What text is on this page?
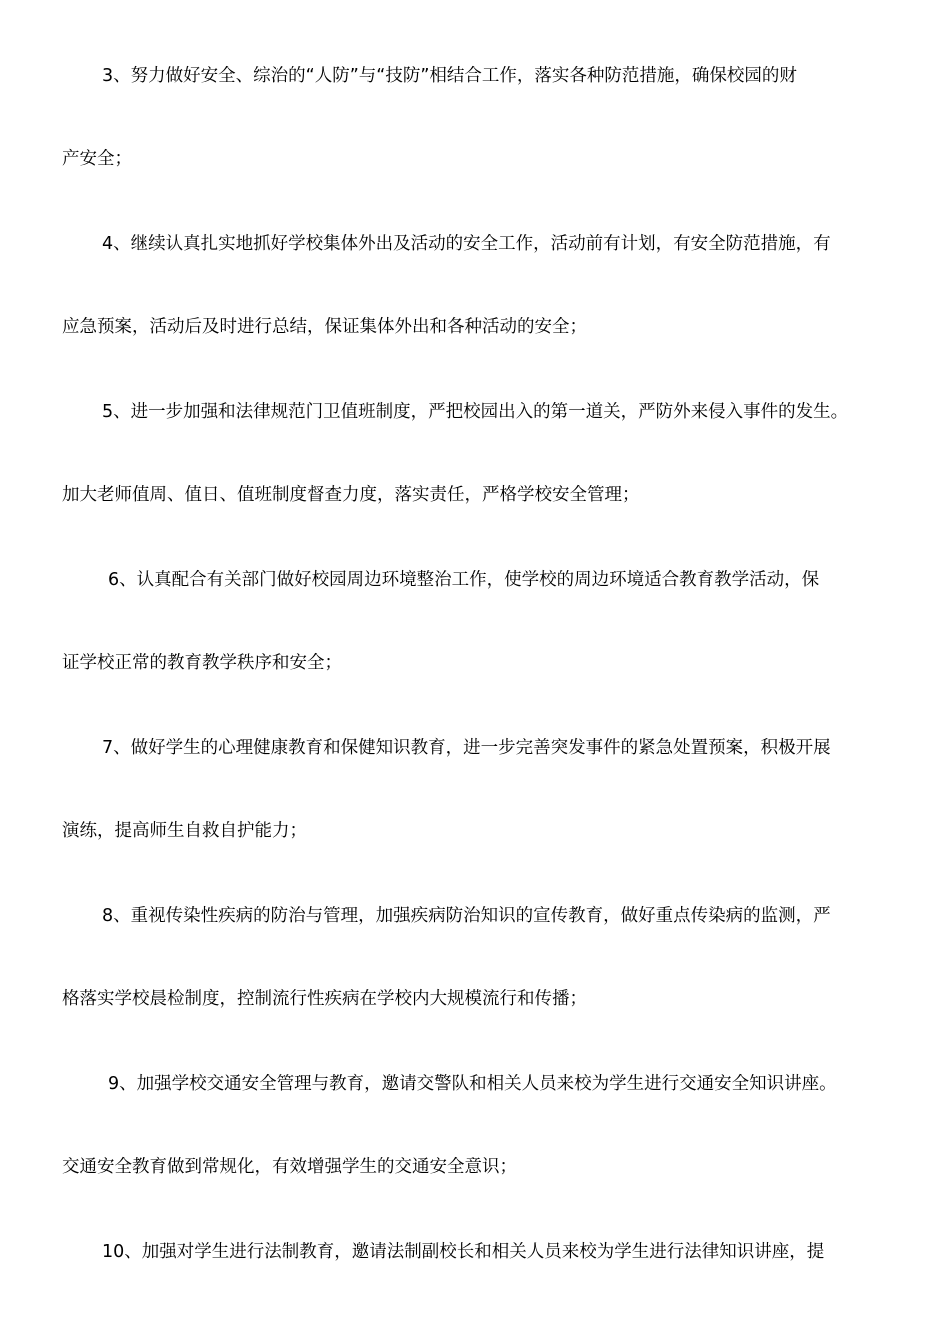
3、努力做好安全、综治的“人防”与“技防”相结合工作，落实各种防范措施，确保校园的财
产安全；
4、继续认真扎实地抓好学校集体外出及活动的安全工作，活动前有计划，有安全防范措施，有
应急预案，活动后及时进行总结，保证集体外出和各种活动的安全；
5、进一步加强和法律规范门卫值班制度，严把校园出入的第一道关，严防外来侵入事件的发生。
加大老师值周、值日、值班制度督查力度，落实责任，严格学校安全管理；
6、认真配合有关部门做好校园周边环境整治工作，使学校的周边环境适合教育教学活动，保
证学校正常的教育教学秩序和安全；
7、做好学生的心理健康教育和保健知识教育，进一步完善突发事件的紧急处置预案，积极开展
演练，提高师生自救自护能力；
8、重视传染性疾病的防治与管理，加强疾病防治知识的宣传教育，做好重点传染病的监测，严
格落实学校晨检制度，控制流行性疾病在学校内大规模流行和传播；
9、加强学校交通安全管理与教育，邀请交警队和相关人员来校为学生进行交通安全知识讲座。
交通安全教育做到常规化，有效增强学生的交通安全意识；
10、加强对学生进行法制教育，邀请法制副校长和相关人员来校为学生进行法律知识讲座，提
